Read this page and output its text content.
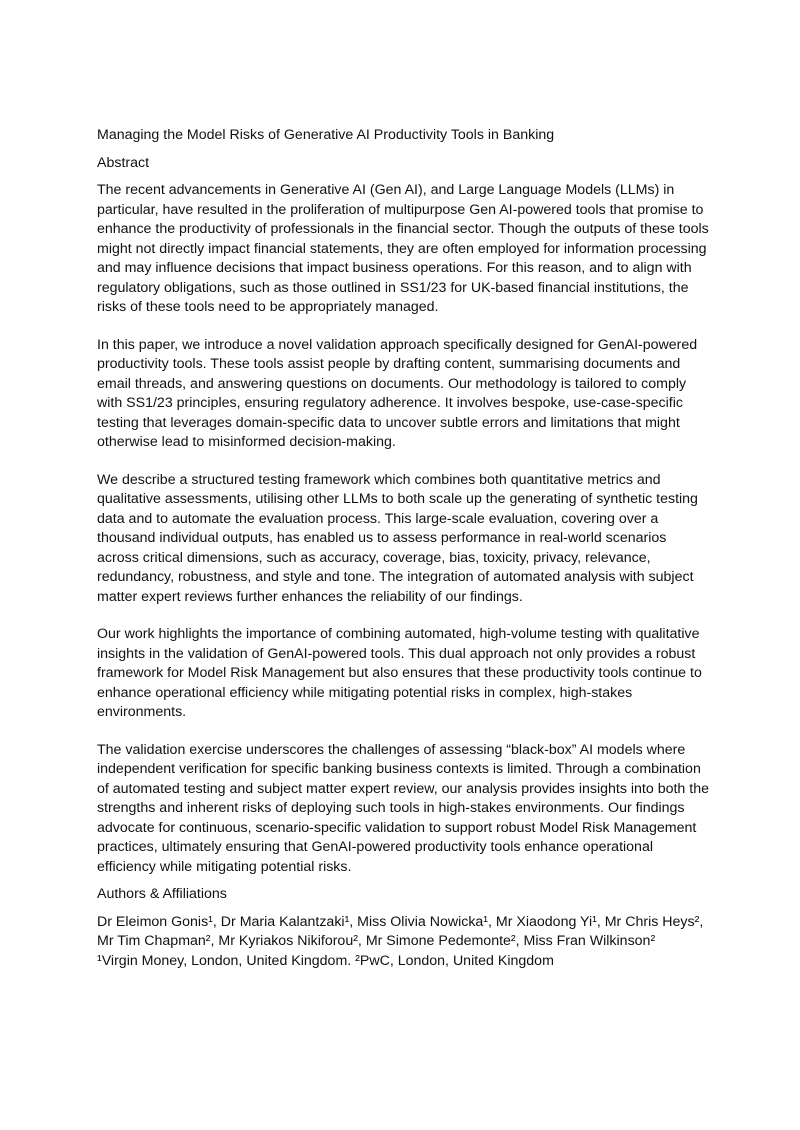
Managing the Model Risks of Generative AI Productivity Tools in Banking

Abstract

The recent advancements in Generative AI (Gen AI), and Large Language Models (LLMs) in particular, have resulted in the proliferation of multipurpose Gen AI-powered tools that promise to enhance the productivity of professionals in the financial sector. Though the outputs of these tools might not directly impact financial statements, they are often employed for information processing and may influence decisions that impact business operations. For this reason, and to align with regulatory obligations, such as those outlined in SS1/23 for UK-based financial institutions, the risks of these tools need to be appropriately managed.

In this paper, we introduce a novel validation approach specifically designed for GenAI-powered productivity tools. These tools assist people by drafting content, summarising documents and email threads, and answering questions on documents. Our methodology is tailored to comply with SS1/23 principles, ensuring regulatory adherence. It involves bespoke, use-case-specific testing that leverages domain-specific data to uncover subtle errors and limitations that might otherwise lead to misinformed decision-making.

We describe a structured testing framework which combines both quantitative metrics and qualitative assessments, utilising other LLMs to both scale up the generating of synthetic testing data and to automate the evaluation process. This large-scale evaluation, covering over a thousand individual outputs, has enabled us to assess performance in real-world scenarios across critical dimensions, such as accuracy, coverage, bias, toxicity, privacy, relevance, redundancy, robustness, and style and tone. The integration of automated analysis with subject matter expert reviews further enhances the reliability of our findings.

Our work highlights the importance of combining automated, high-volume testing with qualitative insights in the validation of GenAI-powered tools. This dual approach not only provides a robust framework for Model Risk Management but also ensures that these productivity tools continue to enhance operational efficiency while mitigating potential risks in complex, high-stakes environments.

The validation exercise underscores the challenges of assessing “black-box” AI models where independent verification for specific banking business contexts is limited. Through a combination of automated testing and subject matter expert review, our analysis provides insights into both the strengths and inherent risks of deploying such tools in high-stakes environments. Our findings advocate for continuous, scenario-specific validation to support robust Model Risk Management practices, ultimately ensuring that GenAI-powered productivity tools enhance operational efficiency while mitigating potential risks.

Authors & Affiliations

Dr Eleimon Gonis¹, Dr Maria Kalantzaki¹, Miss Olivia Nowicka¹, Mr Xiaodong Yi¹, Mr Chris Heys², Mr Tim Chapman², Mr Kyriakos Nikiforou², Mr Simone Pedemonte², Miss Fran Wilkinson²

¹Virgin Money, London, United Kingdom. ²PwC, London, United Kingdom
